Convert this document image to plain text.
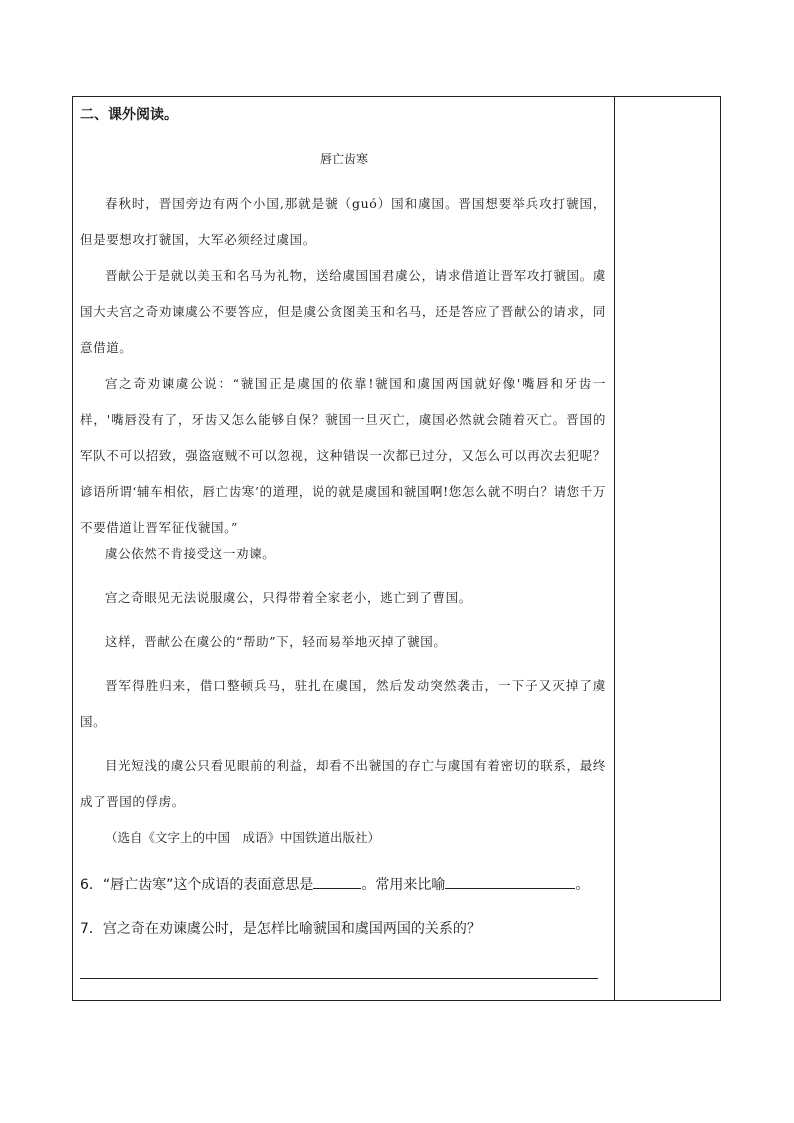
二、课外阅读。
唇亡齿寒
春秋时，晋国旁边有两个小国,那就是虢（guó）国和虞国。晋国想要举兵攻打虢国，但是要想攻打虢国，大军必须经过虞国。
晋献公于是就以美玉和名马为礼物，送给虞国国君虞公，请求借道让晋军攻打虢国。虞国大夫宫之奇劝谏虞公不要答应，但是虞公贪图美玉和名马，还是答应了晋献公的请求，同意借道。
宫之奇劝谏虞公说：“虢国正是虞国的依靠!虢国和虞国两国就好像'嘴唇和牙齿一样，'嘴唇没有了，牙齿又怎么能够自保？虢国一旦灭亡，虞国必然就会随着灭亡。晋国的军队不可以招致，强盗寇贼不可以忽视，这种错误一次都已过分，又怎么可以再次去犯呢？谚语所谓‘辅车相依，唇亡齿寒’的道理，说的就是虞国和虢国啊!您怎么就不明白？请您千万不要借道让晋军征伐虢国。”
虞公依然不肯接受这一劝谏。
宫之奇眼见无法说服虞公，只得带着全家老小，逃亡到了曹国。
这样，晋献公在虞公的“帮助”下，轻而易举地灭掉了虢国。
晋军得胜归来，借口整顿兵马，驻扎在虞国，然后发动突然袭击，一下子又灭掉了虞国。
目光短浅的虞公只看见眼前的利益，却看不出虢国的存亡与虞国有着密切的联系，最终成了晋国的俘虏。
（选自《文字上的中国　成语》中国铁道出版社）
6．“唇亡齿寒”这个成语的表面意思是	。常用来比喻	。
7．宫之奇在劝谏虞公时，是怎样比喻虢国和虞国两国的关系的？
